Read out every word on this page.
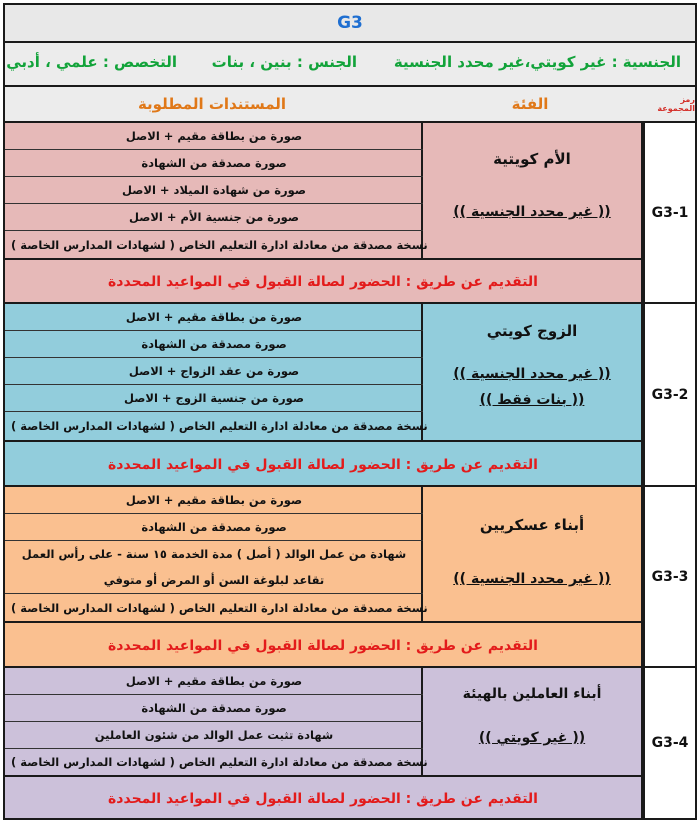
G3
الجنسية : غير كويتي،غير محدد الجنسية
الجنس : بنين ، بنات
التخصص : علمي ، أدبي
المستندات المطلوبة	الفئة	رمز المجموعة
صورة من بطاقة مقيم + الاصل
صورة مصدقة من الشهادة
صورة من شهادة الميلاد + الاصل
صورة من جنسية الأم + الاصل
نسخة مصدقة من معادلة ادارة التعليم الخاص ( لشهادات المدارس الخاصة )
الأم كويتية
(( غير محدد الجنسية ))
التقديم عن طريق : الحضور لصالة القبول في المواعيد المحددة
G3-1
صورة من بطاقة مقيم + الاصل
صورة مصدقة من الشهادة
صورة من عقد الزواج + الاصل
صورة من جنسية الزوج + الاصل
نسخة مصدقة من معادلة ادارة التعليم الخاص ( لشهادات المدارس الخاصة )
الزوج كويتي
(( غير محدد الجنسية ))
(( بنات فقط ))
التقديم عن طريق : الحضور لصالة القبول في المواعيد المحددة
G3-2
صورة من بطاقة مقيم + الاصل
صورة مصدقة من الشهادة
شهادة من عمل الوالد ( أصل ) مدة الخدمة ١٥ سنة - على رأس العمل
تقاعد لبلوغة السن أو المرض أو متوفي
نسخة مصدقة من معادلة ادارة التعليم الخاص ( لشهادات المدارس الخاصة )
أبناء عسكريين
(( غير محدد الجنسية ))
التقديم عن طريق : الحضور لصالة القبول في المواعيد المحددة
G3-3
صورة من بطاقة مقيم + الاصل
صورة مصدقة من الشهادة
شهادة تثبت عمل الوالد من شئون العاملين
نسخة مصدقة من معادلة ادارة التعليم الخاص ( لشهادات المدارس الخاصة )
أبناء العاملين بالهيئة
(( غير كويتي ))
التقديم عن طريق : الحضور لصالة القبول في المواعيد المحددة
G3-4
